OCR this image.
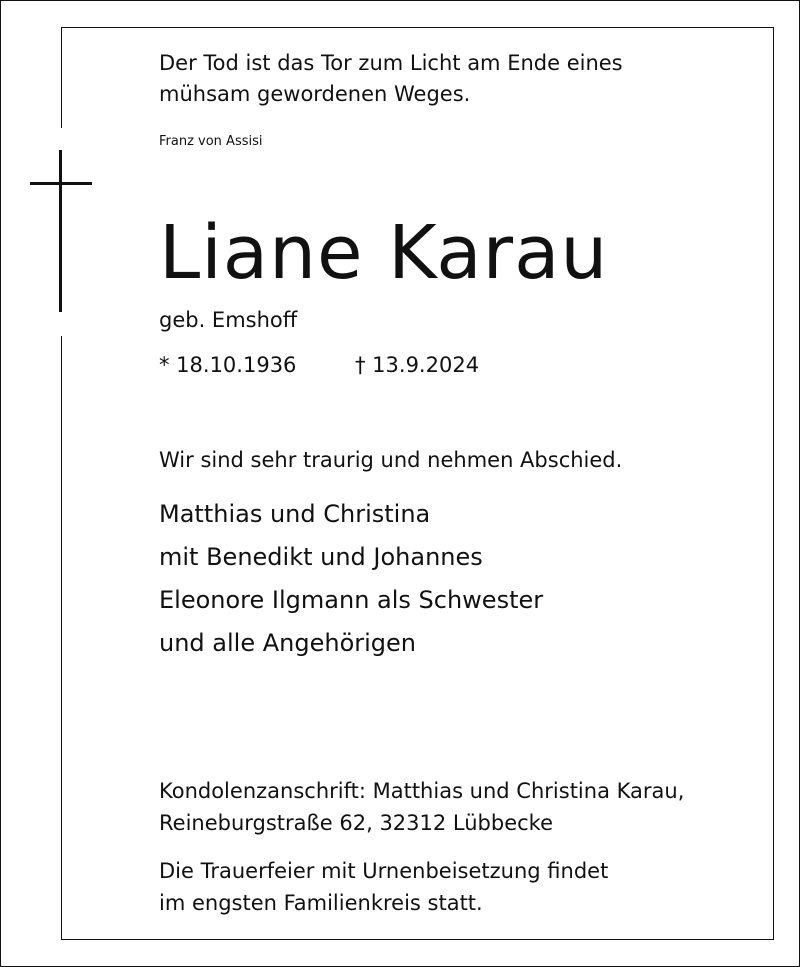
Der Tod ist das Tor zum Licht am Ende eines
mühsam gewordenen Weges.
Franz von Assisi
Liane Karau
geb. Emshoff
* 18.10.1936	† 13.9.2024
Wir sind sehr traurig und nehmen Abschied.
Matthias und Christina
mit Benedikt und Johannes
Eleonore Ilgmann als Schwester
und alle Angehörigen
Kondolenzanschrift: Matthias und Christina Karau,
Reineburgstraße 62, 32312 Lübbecke
Die Trauerfeier mit Urnenbeisetzung findet
im engsten Familienkreis statt.
